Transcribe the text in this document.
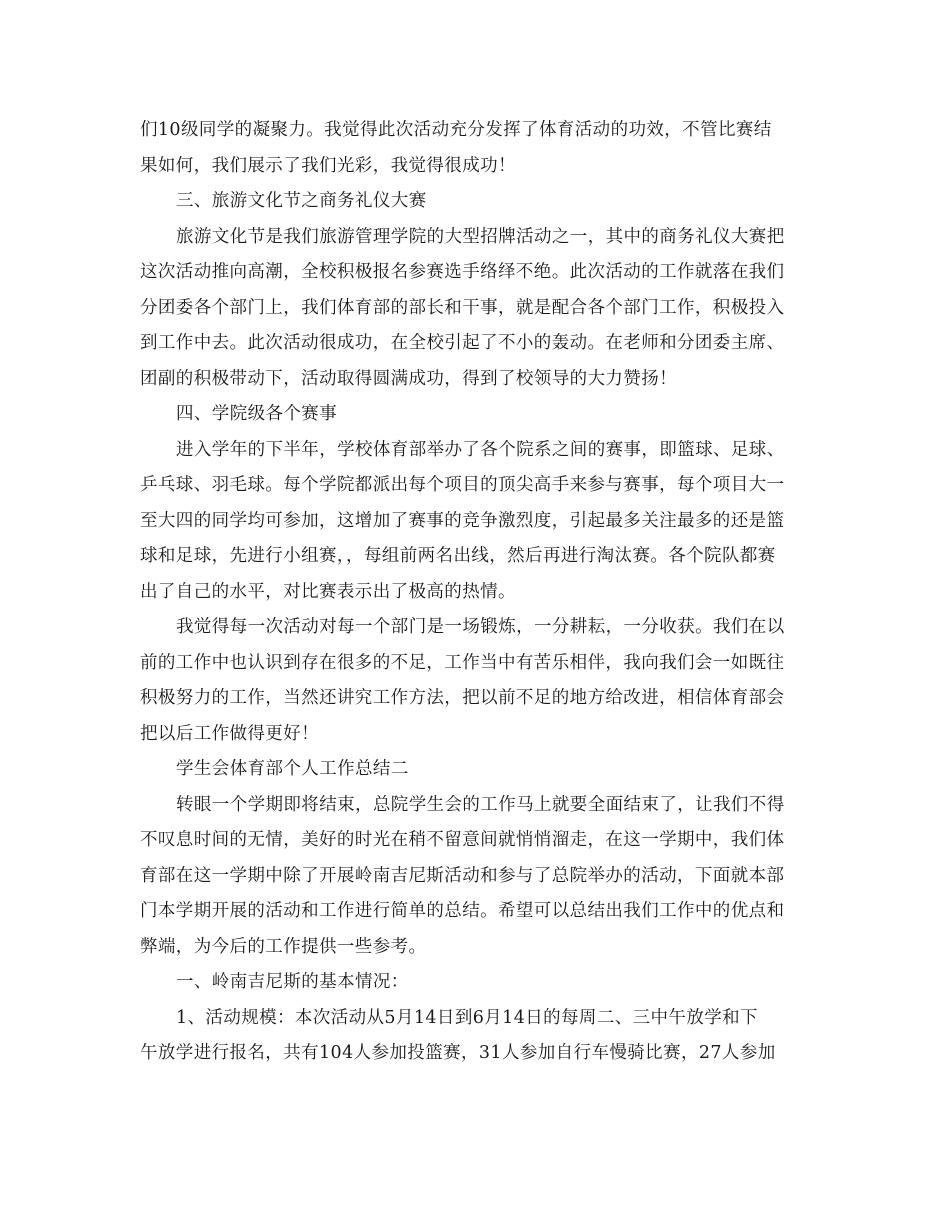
们10级同学的凝聚力。我觉得此次活动充分发挥了体育活动的功效，不管比赛结
果如何，我们展示了我们光彩，我觉得很成功！
三、旅游文化节之商务礼仪大赛
旅游文化节是我们旅游管理学院的大型招牌活动之一，其中的商务礼仪大赛把
这次活动推向高潮，全校积极报名参赛选手络绎不绝。此次活动的工作就落在我们
分团委各个部门上，我们体育部的部长和干事，就是配合各个部门工作，积极投入
到工作中去。此次活动很成功，在全校引起了不小的轰动。在老师和分团委主席、
团副的积极带动下，活动取得圆满成功，得到了校领导的大力赞扬！
四、学院级各个赛事
进入学年的下半年，学校体育部举办了各个院系之间的赛事，即篮球、足球、
乒乓球、羽毛球。每个学院都派出每个项目的顶尖高手来参与赛事，每个项目大一
至大四的同学均可参加，这增加了赛事的竞争激烈度，引起最多关注最多的还是篮
球和足球，先进行小组赛，，每组前两名出线，然后再进行淘汰赛。各个院队都赛
出了自己的水平，对比赛表示出了极高的热情。
我觉得每一次活动对每一个部门是一场锻炼，一分耕耘，一分收获。我们在以
前的工作中也认识到存在很多的不足，工作当中有苦乐相伴，我向我们会一如既往
积极努力的工作，当然还讲究工作方法，把以前不足的地方给改进，相信体育部会
把以后工作做得更好！
学生会体育部个人工作总结二
转眼一个学期即将结束，总院学生会的工作马上就要全面结束了，让我们不得
不叹息时间的无情，美好的时光在稍不留意间就悄悄溜走，在这一学期中，我们体
育部在这一学期中除了开展岭南吉尼斯活动和参与了总院举办的活动，下面就本部
门本学期开展的活动和工作进行简单的总结。希望可以总结出我们工作中的优点和
弊端，为今后的工作提供一些参考。
一、岭南吉尼斯的基本情况：
1、活动规模：本次活动从5月14日到6月14日的每周二、三中午放学和下
午放学进行报名，共有104人参加投篮赛，31人参加自行车慢骑比赛，27人参加
